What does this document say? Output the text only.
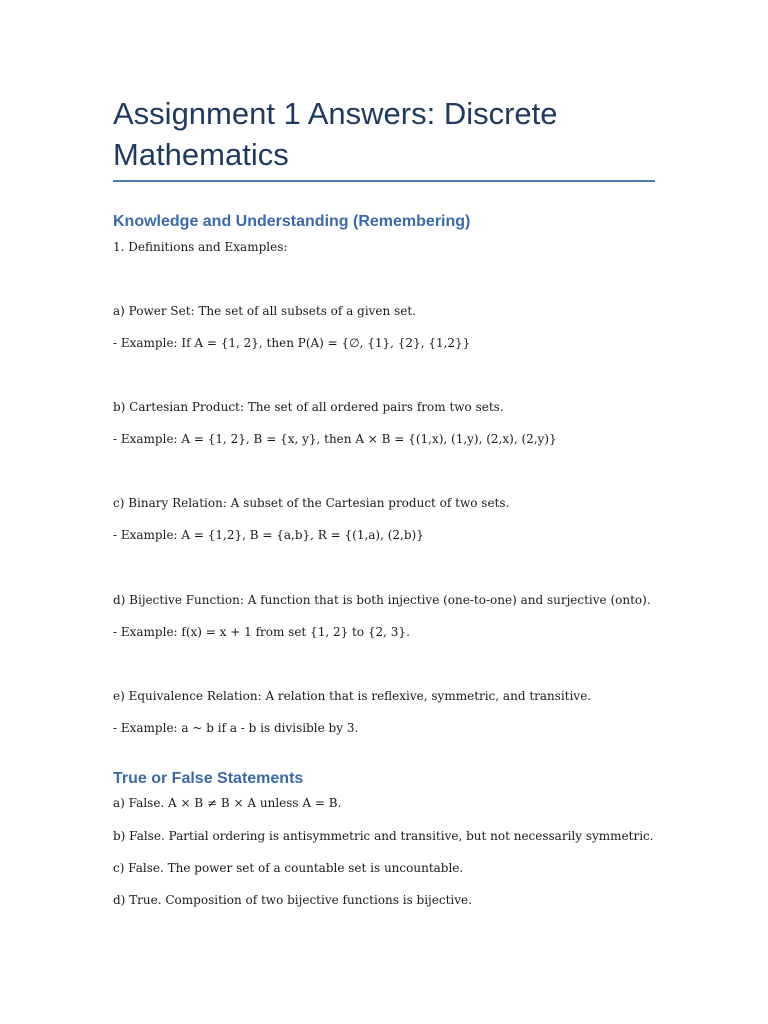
Assignment 1 Answers: Discrete Mathematics
Knowledge and Understanding (Remembering)

1. Definitions and Examples:

a) Power Set: The set of all subsets of a given set.

- Example: If A = {1, 2}, then P(A) = {∅, {1}, {2}, {1,2}}

b) Cartesian Product: The set of all ordered pairs from two sets.

- Example: A = {1, 2}, B = {x, y}, then A × B = {(1,x), (1,y), (2,x), (2,y)}

c) Binary Relation: A subset of the Cartesian product of two sets.

- Example: A = {1,2}, B = {a,b}, R = {(1,a), (2,b)}

d) Bijective Function: A function that is both injective (one-to-one) and surjective (onto).

- Example: f(x) = x + 1 from set {1, 2} to {2, 3}.

e) Equivalence Relation: A relation that is reflexive, symmetric, and transitive.

- Example: a ~ b if a - b is divisible by 3.

True or False Statements

a) False. A × B ≠ B × A unless A = B.

b) False. Partial ordering is antisymmetric and transitive, but not necessarily symmetric.

c) False. The power set of a countable set is uncountable.

d) True. Composition of two bijective functions is bijective.
